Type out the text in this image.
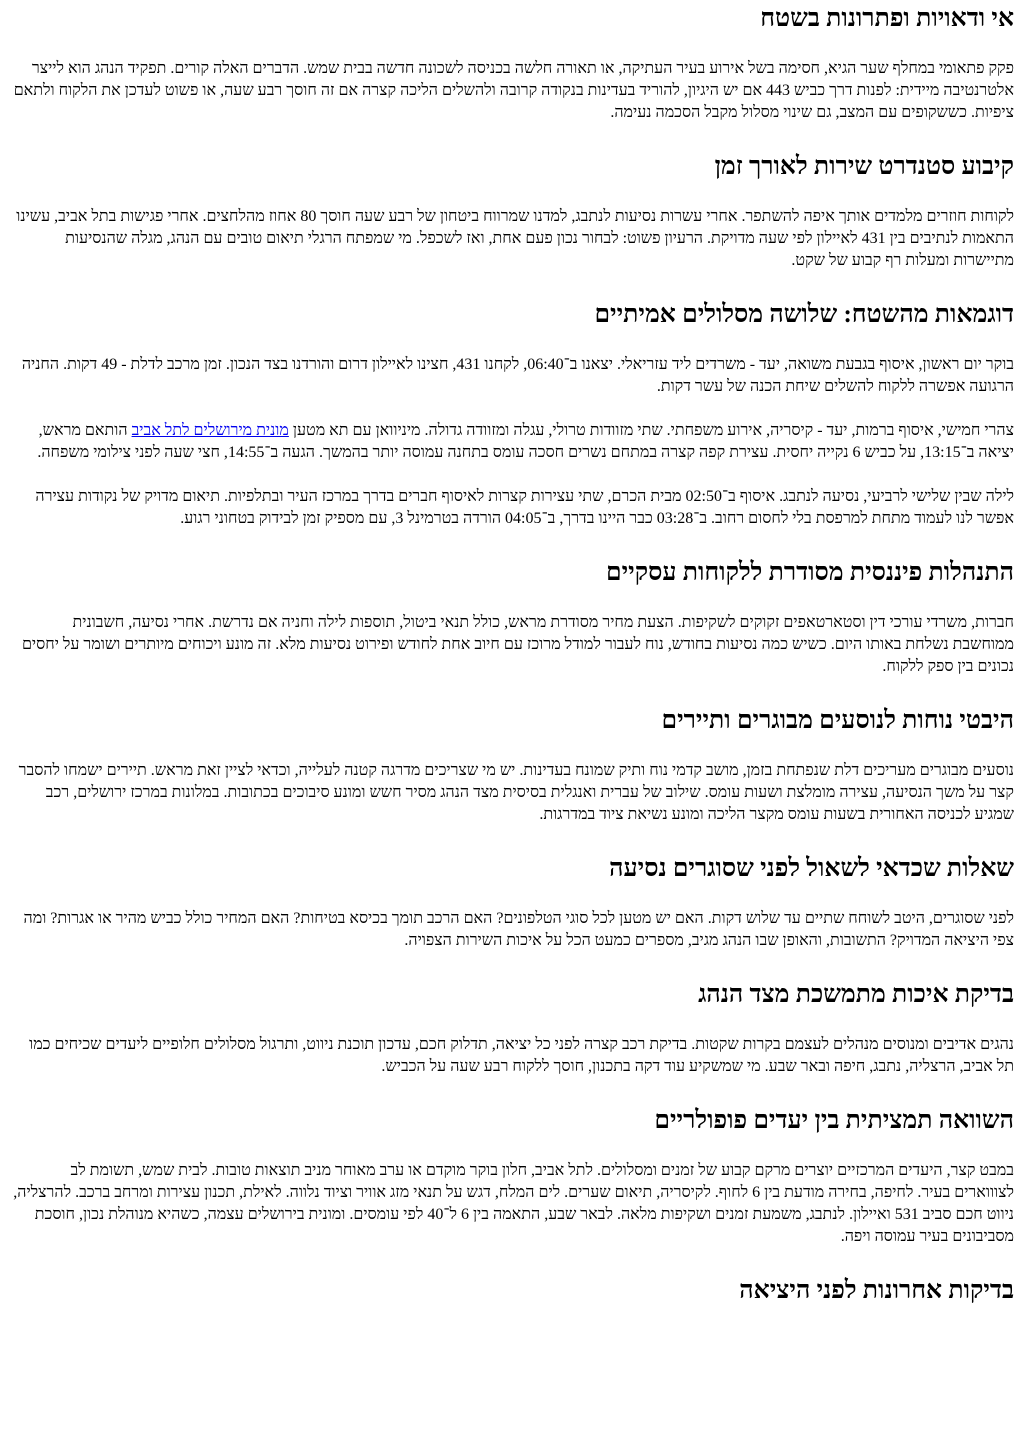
אי ודאויות ופתרונות בשטח

פקק פתאומי במחלף שער הגיא, חסימה בשל אירוע בעיר העתיקה, או תאורה חלשה בכניסה לשכונה חדשה בבית שמש. הדברים האלה קורים. תפקיד הנהג הוא לייצר אלטרנטיבה מיידית: לפנות דרך כביש 443 אם יש היגיון, להוריד בעדינות בנקודה קרובה ולהשלים הליכה קצרה אם זה חוסך רבע שעה, או פשוט לעדכן את הלקוח ולתאם ציפיות. כששקופים עם המצב, גם שינוי מסלול מקבל הסכמה נעימה.

קיבוע סטנדרט שירות לאורך זמן

לקוחות חוזרים מלמדים אותך איפה להשתפר. אחרי עשרות נסיעות לנתבג, למדנו שמרווח ביטחון של רבע שעה חוסך 80 אחוז מהלחצים. אחרי פגישות בתל אביב, עשינו התאמות לנתיבים בין 431 לאיילון לפי שעה מדויקת. הרעיון פשוט: לבחור נכון פעם אחת, ואז לשכפל. מי שמפתח הרגלי תיאום טובים עם הנהג, מגלה שהנסיעות מתיישרות ומעלות רף קבוע של שקט.

דוגמאות מהשטח: שלושה מסלולים אמיתיים

בוקר יום ראשון, איסוף בגבעת משואה, יעד - משרדים ליד עזריאלי. יצאנו ב־06:40, לקחנו 431, חצינו לאיילון דרום והורדנו בצד הנכון. זמן מרכב לדלת - 49 דקות. החניה הרגועה אפשרה ללקוח להשלים שיחת הכנה של עשר דקות.

צהרי חמישי, איסוף ברמות, יעד - קיסריה, אירוע משפחתי. שתי מזוודות טרולי, עגלה ומזוודה גדולה. מיניוואן עם תא מטען מונית מירושלים לתל אביב הותאם מראש, יציאה ב־13:15, על כביש 6 נקייה יחסית. עצירת קפה קצרה במתחם נשרים חסכה עומס בתחנה עמוסה יותר בהמשך. הגעה ב־14:55, חצי שעה לפני צילומי משפחה.

לילה שבין שלישי לרביעי, נסיעה לנתבג. איסוף ב־02:50 מבית הכרם, שתי עצירות קצרות לאיסוף חברים בדרך במרכז העיר ובתלפיות. תיאום מדויק של נקודות עצירה אפשר לנו לעמוד מתחת למרפסת בלי לחסום רחוב. ב־03:28 כבר היינו בדרך, ב־04:05 הורדה בטרמינל 3, עם מספיק זמן לבידוק בטחוני רגוע.

התנהלות פיננסית מסודרת ללקוחות עסקיים

חברות, משרדי עורכי דין וסטארטאפים זקוקים לשקיפות. הצעת מחיר מסודרת מראש, כולל תנאי ביטול, תוספות לילה וחניה אם נדרשת. אחרי נסיעה, חשבונית ממוחשבת נשלחת באותו היום. כשיש כמה נסיעות בחודש, נוח לעבור למודל מרוכז עם חיוב אחת לחודש ופירוט נסיעות מלא. זה מונע ויכוחים מיותרים ושומר על יחסים נכונים בין ספק ללקוח.

היבטי נוחות לנוסעים מבוגרים ותיירים

נוסעים מבוגרים מעריכים דלת שנפתחת בזמן, מושב קדמי נוח ותיק שמונח בעדינות. יש מי שצריכים מדרגה קטנה לעלייה, וכדאי לציין זאת מראש. תיירים ישמחו להסבר קצר על משך הנסיעה, עצירה מומלצת ושעות עומס. שילוב של עברית ואנגלית בסיסית מצד הנהג מסיר חשש ומונע סיבוכים בכתובות. במלונות במרכז ירושלים, רכב שמגיע לכניסה האחורית בשעות עומס מקצר הליכה ומונע נשיאת ציוד במדרגות.

שאלות שכדאי לשאול לפני שסוגרים נסיעה

לפני שסוגרים, היטב לשוחח שתיים עד שלוש דקות. האם יש מטען לכל סוגי הטלפונים? האם הרכב תומך בכיסא בטיחות? האם המחיר כולל כביש מהיר או אגרות? ומה צפי היציאה המדויק? התשובות, והאופן שבו הנהג מגיב, מספרים כמעט הכל על איכות השירות הצפויה.

בדיקת איכות מתמשכת מצד הנהג

נהגים אדיבים ומנוסים מנהלים לעצמם בקרות שקטות. בדיקת רכב קצרה לפני כל יציאה, תדלוק חכם, עדכון תוכנת ניווט, ותרגול מסלולים חלופיים ליעדים שכיחים כמו תל אביב, הרצליה, נתבג, חיפה ובאר שבע. מי שמשקיע עוד דקה בתכנון, חוסך ללקוח רבע שעה על הכביש.

השוואה תמציתית בין יעדים פופולריים

במבט קצר, היעדים המרכזיים יוצרים מרקם קבוע של זמנים ומסלולים. לתל אביב, חלון בוקר מוקדם או ערב מאוחר מניב תוצאות טובות. לבית שמש, תשומת לב לצוווארים בעיר. לחיפה, בחירה מודעת בין 6 לחוף. לקיסריה, תיאום שערים. לים המלח, דגש על תנאי מזג אוויר וציוד נלווה. לאילת, תכנון עצירות ומרחב ברכב. להרצליה, ניווט חכם סביב 531 ואיילון. לנתבג, משמעת זמנים ושקיפות מלאה. לבאר שבע, התאמה בין 6 ל־40 לפי עומסים. ומונית בירושלים עצמה, כשהיא מנוהלת נכון, חוסכת מסביבונים בעיר עמוסה ויפה.

בדיקות אחרונות לפני היציאה
